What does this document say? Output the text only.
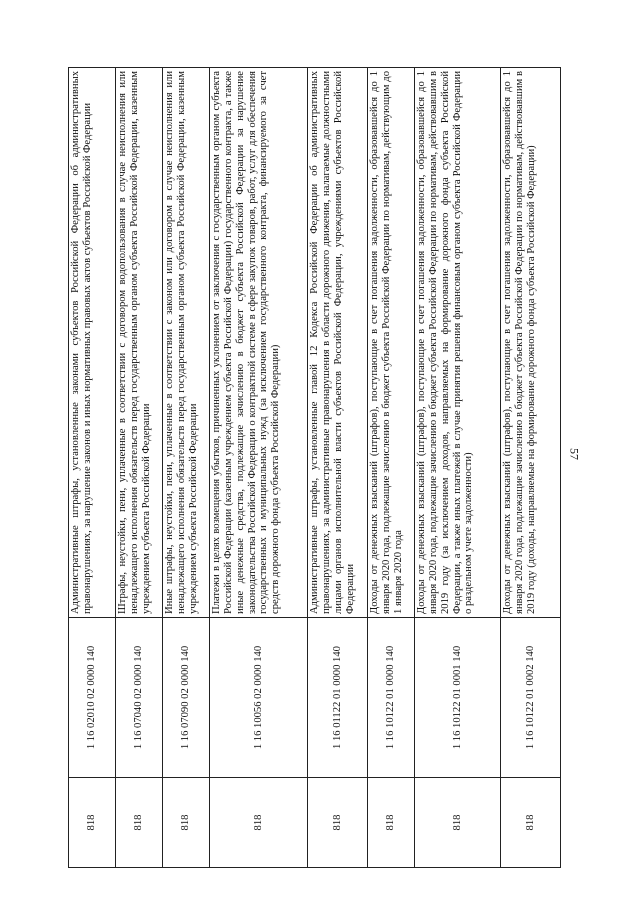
57
818	1 16 02010 02 0000 140	Административные штрафы, установленные законами субъектов Российской Федерации об административных правонарушениях, за нарушение законов и иных нормативных правовых актов субъектов Российской Федерации
818	1 16 07040 02 0000 140	Штрафы, неустойки, пени, уплаченные в соответствии с договором водопользования в случае неисполнения или ненадлежащего исполнения обязательств перед государственным органом субъекта Российской Федерации, казенным учреждением субъекта Российской Федерации
818	1 16 07090 02 0000 140	Иные штрафы, неустойки, пени, уплаченные в соответствии с законом или договором в случае неисполнения или ненадлежащего исполнения обязательств перед государственным органом субъекта Российской Федерации, казенным учреждением субъекта Российской Федерации
818	1 16 10056 02 0000 140	Платежи в целях возмещения убытков, причиненных уклонением от заключения с государственным органом субъекта Российской Федерации (казенным учреждением субъекта Российской Федерации) государственного контракта, а также иные денежные средства, подлежащие зачислению в бюджет субъекта Российской Федерации за нарушение законодательства Российской Федерации о контрактной системе в сфере закупок товаров, работ, услуг для обеспечения государственных и муниципальных нужд (за исключением государственного контракта, финансируемого за счет средств дорожного фонда субъекта Российской Федерации)
818	1 16 01122 01 0000 140	Административные штрафы, установленные главой 12 Кодекса Российской Федерации об административных правонарушениях, за административные правонарушения в области дорожного движения, налагаемые должностными лицами органов исполнительной власти субъектов Российской Федерации, учреждениями субъектов Российской Федерации
818	1 16 10122 01 0000 140	Доходы от денежных взысканий (штрафов), поступающие в счет погашения задолженности, образовавшейся до 1 января 2020 года, подлежащие зачислению в бюджет субъекта Российской Федерации по нормативам, действующим до 1 января 2020 года
818	1 16 10122 01 0001 140	Доходы от денежных взысканий (штрафов), поступающие в счет погашения задолженности, образовавшейся до 1 января 2020 года, подлежащие зачислению в бюджет субъекта Российской Федерации по нормативам, действовавшим в 2019 году (за исключением доходов, направляемых на формирование дорожного фонда субъекта Российской Федерации, а также иных платежей в случае принятия решения финансовым органом субъекта Российской Федерации о раздельном учете задолженности)
818	1 16 10122 01 0002 140	Доходы от денежных взысканий (штрафов), поступающие в счет погашения задолженности, образовавшейся до 1 января 2020 года, подлежащие зачислению в бюджет субъекта Российской Федерации по нормативам, действовавшим в 2019 году (доходы, направляемые на формирование дорожного фонда субъекта Российской Федерации)
